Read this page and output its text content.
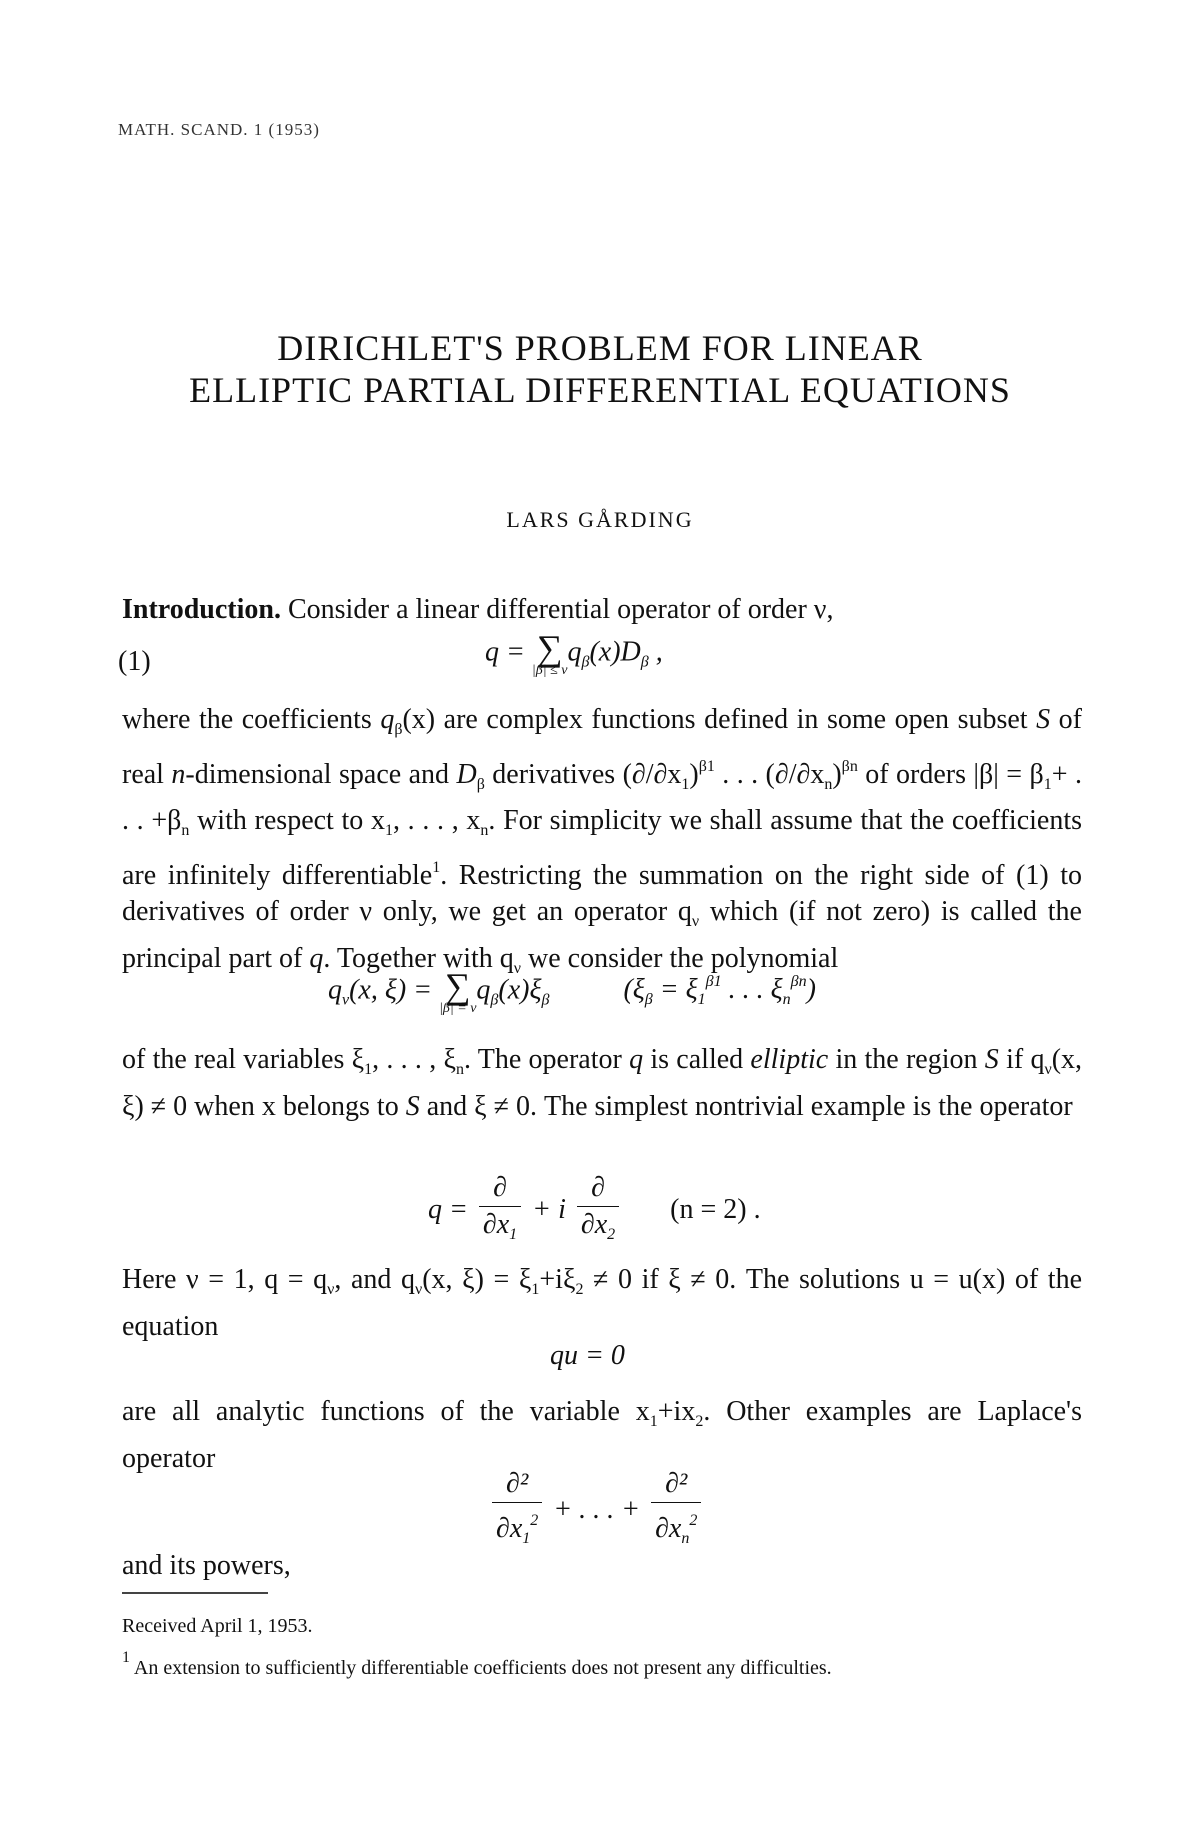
MATH. SCAND. 1 (1953)
DIRICHLET'S PROBLEM FOR LINEAR
ELLIPTIC PARTIAL DIFFERENTIAL EQUATIONS
LARS GÅRDING
Introduction. Consider a linear differential operator of order ν,
(1)	q = ∑
|β| ≤ ν
$q_\beta(x)D_\beta$ ,
where the coefficients $q_\beta(x)$ are complex functions defined in some open subset S of real n-dimensional space and $D_\beta$ derivatives $(\partial/\partial x_1)^{\beta 1}$ . . . $(\partial/\partial x_n)^{\beta n}$ of orders $|\beta| = \beta_1+$ . . . $+\beta_n$ with respect to $x_1$, . . . , $x_n$. For simplicity we shall assume that the coefficients are infinitely differentiable$^1$. Restricting the summation on the right side of (1) to derivatives of order ν only, we get an operator $q_\nu$ which (if not zero) is called the principal part of q. Together with $q_\nu$ we consider the polynomial
$q_\nu(x$, ξ) = ∑
|β| = ν
$q_\beta(x)\xi_\beta$	($\xi_\beta = \xi_1^{\beta 1}$ . . . $\xi_n^{\beta n}$)
of the real variables $\xi_1$, . . . , $\xi_n$. The operator q is called elliptic in the region S if $q_\nu(x$, ξ) ≠ 0 when x belongs to S and ξ ≠ 0. The simplest nontrivial example is the operator
$q = \frac{\partial}{\partial x_1} + i \frac{\partial}{\partial x_2} (n = 2)$ .
Here ν = 1, $q = q_\nu$, and $q_\nu(x$, $\xi) = \xi_1+i\xi_2 \ne 0$ if ξ ≠ 0. The solutions u = u(x) of the equation
qu = 0
are all analytic functions of the variable $x_1+ix_2$. Other examples are Laplace's operator
$\frac{\text{∂²}}{\partial x_1^2}$ + . . . + $\frac{\text{∂²}}{\partial x_n^2}$
and its powers,
Received April 1, 1953.
$^1$ An extension to sufficiently differentiable coefficients does not present any difficulties.
